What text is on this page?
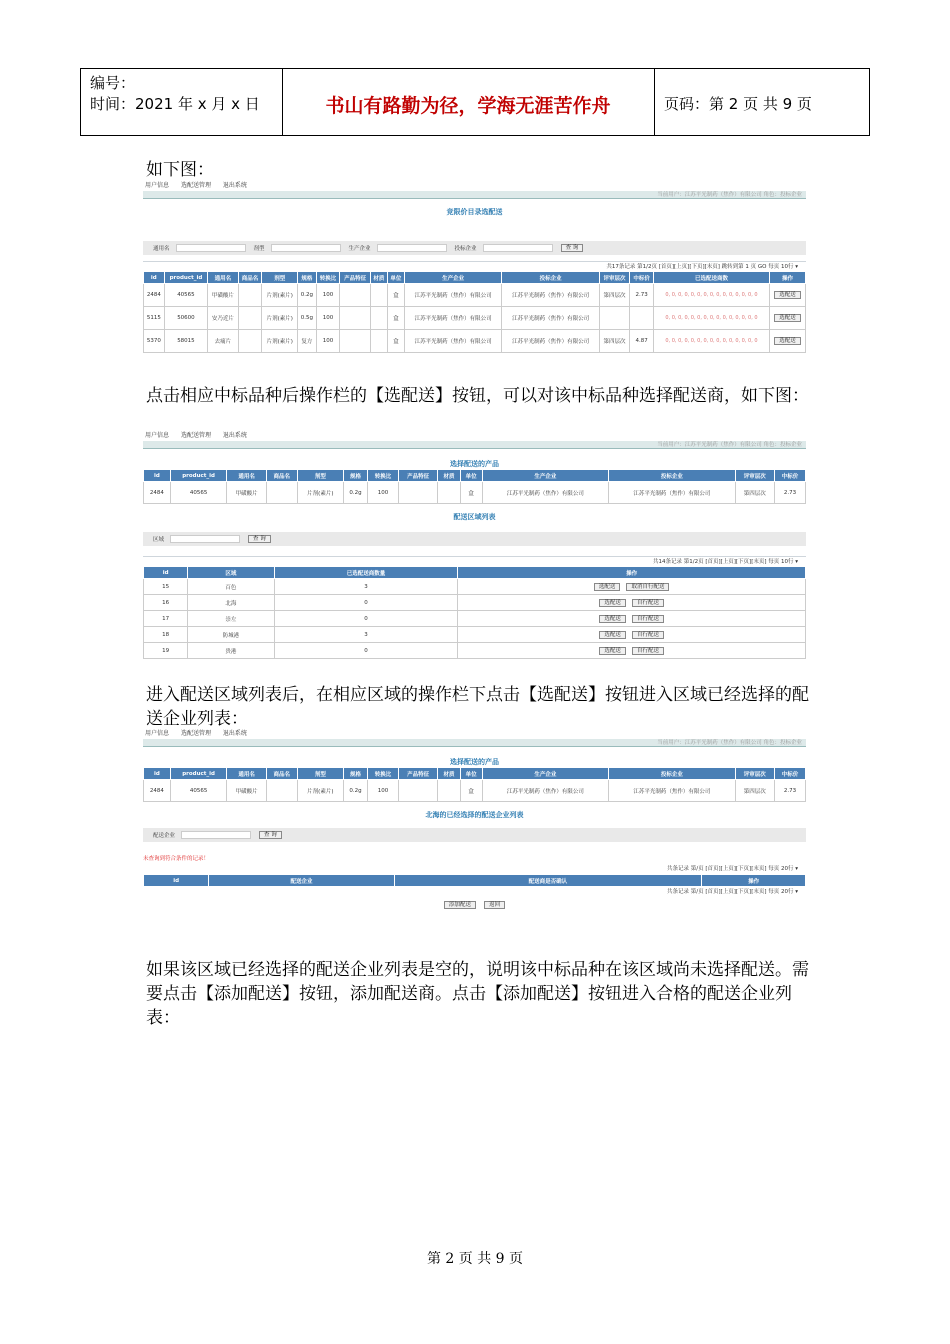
编号：
时间：2021 年 x 月 x 日	书山有路勤为径，学海无涯苦作舟	页码：第 2 页 共 9 页
如下图：
用户信息 选配送管理 退出系统
当前用户：江苏平光制药（焦作）有限公司 角色：投标企业
竞限价目录选配送
通用名	剂型	生产企业	投标企业	查 询
共17条记录 第1/2页 [首页][上页][下页][末页] 跳转到第 1 页 GO 每页 10行 ▾
id	product_id	通用名	商品名	剂型	规格	转换比	产品特征	材质	单位	生产企业	投标企业	评审层次	中标价	已选配送商数	操作
2484	40565	甲磺酸片		片剂(素片)	0.2g	100			盒	江苏平光制药（焦作）有限公司	江苏平光制药（焦作）有限公司	第四层次	2.73	0, 0, 0, 0, 0, 0, 0, 0, 0, 0, 0, 0, 0, 0, 0	选配送
5115	50600	安乃近片		片剂(素片)	0.5g	100			盒	江苏平光制药（焦作）有限公司	江苏平光制药（焦作）有限公司			0, 0, 0, 0, 0, 0, 0, 0, 0, 0, 0, 0, 0, 0, 0	选配送
5370	58015	去痛片		片剂(素片)	复方	100			盒	江苏平光制药（焦作）有限公司	江苏平光制药（焦作）有限公司	第四层次	4.87	0, 0, 0, 0, 0, 0, 0, 0, 0, 0, 0, 0, 0, 0, 0	选配送
点击相应中标品种后操作栏的【选配送】按钮，可以对该中标品种选择配送商，如下图：
用户信息 选配送管理 退出系统
当前用户：江苏平光制药（焦作）有限公司 角色：投标企业
选择配送的产品
id	product_id	通用名	商品名	剂型	规格	转换比	产品特征	材质	单位	生产企业	投标企业	评审层次	中标价
2484	40565	甲磺酸片		片剂(素片)	0.2g	100			盒	江苏平光制药（焦作）有限公司	江苏平光制药（焦作）有限公司	第四层次	2.73
配送区域列表
区域	查 询
共14条记录 第1/2页 [首页][上页][下页][末页] 每页 10行 ▾
id	区域	已选配送商数量	操作
15	百色	3	选配送 取消自行配送
16	北海	0	选配送 自行配送
17	崇左	0	选配送 自行配送
18	防城港	3	选配送 自行配送
19	贵港	0	选配送 自行配送
进入配送区域列表后，在相应区域的操作栏下点击【选配送】按钮进入区域已经选择的配送企业列表：
用户信息 选配送管理 退出系统
当前用户：江苏平光制药（焦作）有限公司 角色：投标企业
选择配送的产品
id	product_id	通用名	商品名	剂型	规格	转换比	产品特征	材质	单位	生产企业	投标企业	评审层次	中标价
2484	40565	甲磺酸片		片剂(素片)	0.2g	100			盒	江苏平光制药（焦作）有限公司	江苏平光制药（焦作）有限公司	第四层次	2.73
北海的已经选择的配送企业列表
配送企业	查 询
未查询到符合条件的记录！
共条记录 第/页 [首页][上页][下页][末页] 每页 20行 ▾
id	配送企业	配送商是否确认	操作
共条记录 第/页 [首页][上页][下页][末页] 每页 20行 ▾
添加配送	返回
如果该区域已经选择的配送企业列表是空的，说明该中标品种在该区域尚未选择配送。需要点击【添加配送】按钮，添加配送商。点击【添加配送】按钮进入合格的配送企业列表：
第 2 页 共 9 页
